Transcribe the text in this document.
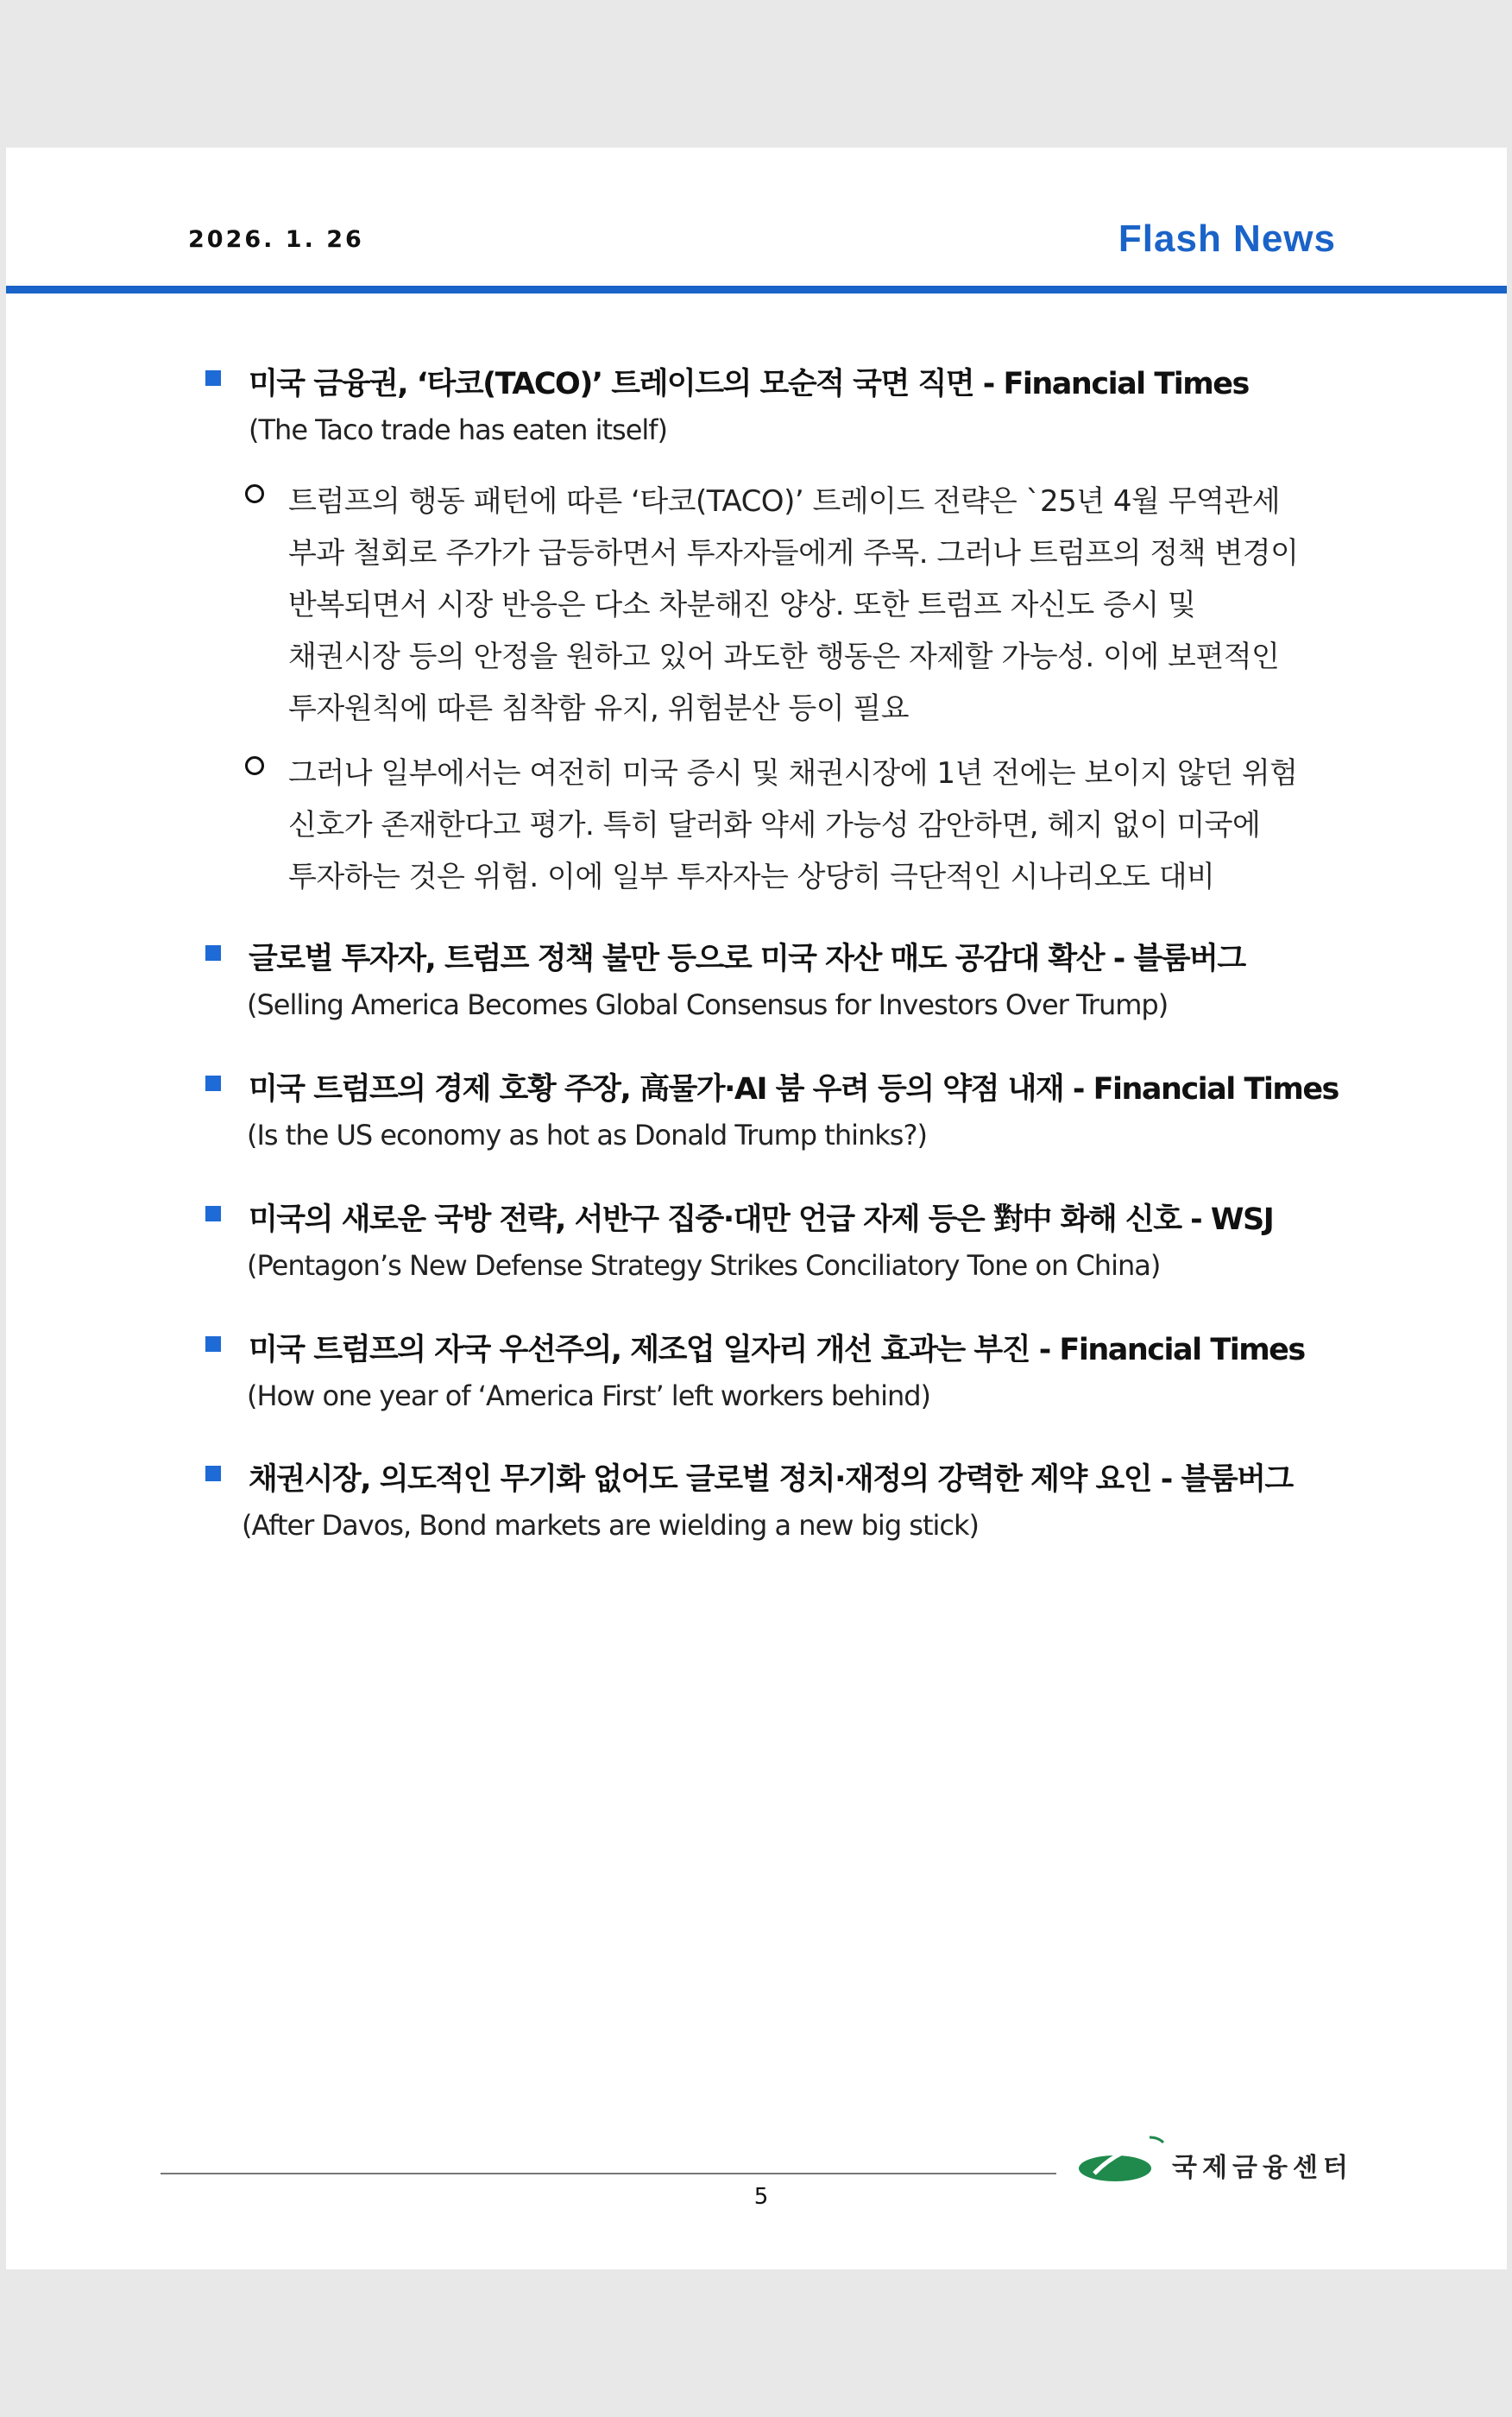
2026. 1. 26	Flash News
미국 금융권, ‘타코(TACO)’ 트레이드의 모순적 국면 직면 - Financial Times
(The Taco trade has eaten itself)
트럼프의 행동 패턴에 따른 ‘타코(TACO)’ 트레이드 전략은 `25년 4월 무역관세
부과 철회로 주가가 급등하면서 투자자들에게 주목. 그러나 트럼프의 정책 변경이
반복되면서 시장 반응은 다소 차분해진 양상. 또한 트럼프 자신도 증시 및
채권시장 등의 안정을 원하고 있어 과도한 행동은 자제할 가능성. 이에 보편적인
투자원칙에 따른 침착함 유지, 위험분산 등이 필요
그러나 일부에서는 여전히 미국 증시 및 채권시장에 1년 전에는 보이지 않던 위험
신호가 존재한다고 평가. 특히 달러화 약세 가능성 감안하면, 헤지 없이 미국에
투자하는 것은 위험. 이에 일부 투자자는 상당히 극단적인 시나리오도 대비
글로벌 투자자, 트럼프 정책 불만 등으로 미국 자산 매도 공감대 확산 - 블룸버그
(Selling America Becomes Global Consensus for Investors Over Trump)
미국 트럼프의 경제 호황 주장, 高물가·AI 붐 우려 등의 약점 내재 - Financial Times
(Is the US economy as hot as Donald Trump thinks?)
미국의 새로운 국방 전략, 서반구 집중·대만 언급 자제 등은 對中 화해 신호 - WSJ
(Pentagon’s New Defense Strategy Strikes Conciliatory Tone on China)
미국 트럼프의 자국 우선주의, 제조업 일자리 개선 효과는 부진 - Financial Times
(How one year of ‘America First’ left workers behind)
채권시장, 의도적인 무기화 없어도 글로벌 정치·재정의 강력한 제약 요인 - 블룸버그
(After Davos, Bond markets are wielding a new big stick)
국제금융센터
5
